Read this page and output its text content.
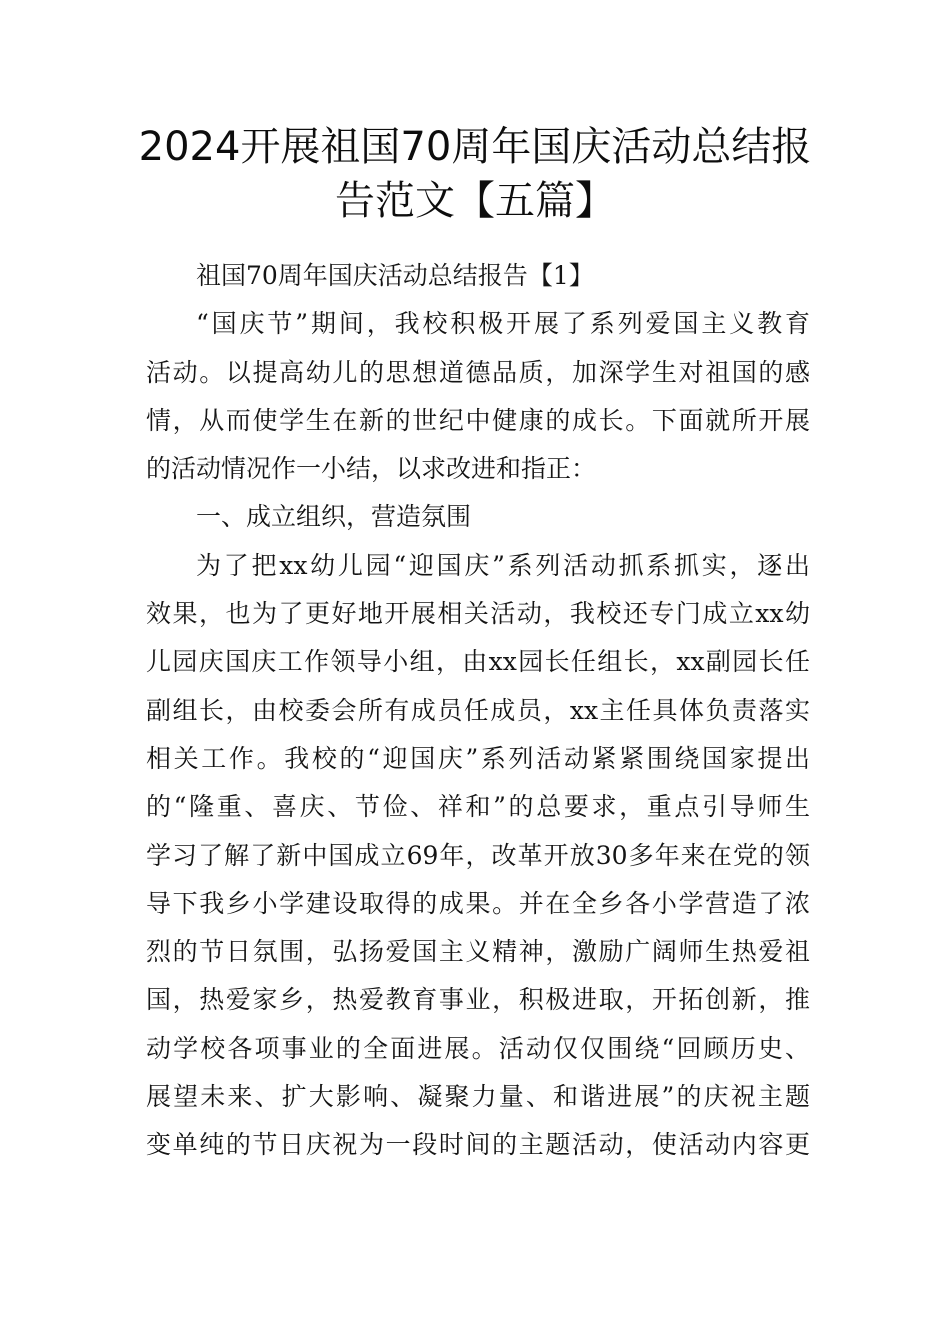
2024开展祖国70周年国庆活动总结报
告范文【五篇】
祖国70周年国庆活动总结报告【1】
“国庆节”期间，我校积极开展了系列爱国主义教育
活动。以提高幼儿的思想道德品质，加深学生对祖国的感
情，从而使学生在新的世纪中健康的成长。下面就所开展
的活动情况作一小结，以求改进和指正：
一、成立组织，营造氛围
为了把xx幼儿园“迎国庆”系列活动抓系抓实，逐出
效果，也为了更好地开展相关活动，我校还专门成立xx幼
儿园庆国庆工作领导小组，由xx园长任组长，xx副园长任
副组长，由校委会所有成员任成员，xx主任具体负责落实
相关工作。我校的“迎国庆”系列活动紧紧围绕国家提出
的“隆重、喜庆、节俭、祥和”的总要求，重点引导师生
学习了解了新中国成立69年，改革开放30多年来在党的领
导下我乡小学建设取得的成果。并在全乡各小学营造了浓
烈的节日氛围，弘扬爱国主义精神，激励广阔师生热爱祖
国，热爱家乡，热爱教育事业，积极进取，开拓创新，推
动学校各项事业的全面进展。活动仅仅围绕“回顾历史、
展望未来、扩大影响、凝聚力量、和谐进展”的庆祝主题
变单纯的节日庆祝为一段时间的主题活动，使活动内容更
